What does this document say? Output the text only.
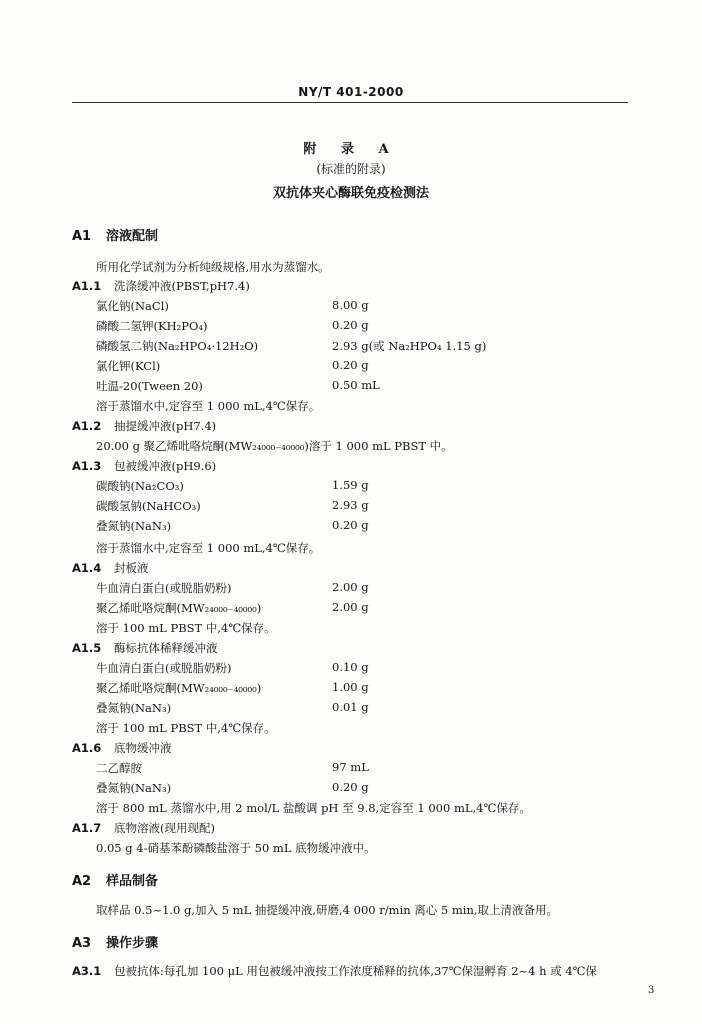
NY/T 401-2000
附 录 A
(标准的附录)
双抗体夹心酶联免疫检测法
A1 溶液配制
所用化学试剂为分析纯级规格,用水为蒸馏水。
A1.1 洗涤缓冲液(PBST,pH7.4)
氯化钠(NaCl)	8.00 g
磷酸二氢钾(KH₂PO₄)	0.20 g
磷酸氢二钠(Na₂HPO₄·12H₂O)	2.93 g(或 Na₂HPO₄ 1.15 g)
氯化钾(KCl)	0.20 g
吐温-20(Tween 20)	0.50 mL
溶于蒸馏水中,定容至 1 000 mL,4℃保存。
A1.2 抽提缓冲液(pH7.4)
20.00 g 聚乙烯吡咯烷酮(MW₂₄₀₀₀₋₄₀₀₀₀)溶于 1 000 mL PBST 中。
A1.3 包被缓冲液(pH9.6)
碳酸钠(Na₂CO₃)	1.59 g
碳酸氢钠(NaHCO₃)	2.93 g
叠氮钠(NaN₃)	0.20 g
溶于蒸馏水中,定容至 1 000 mL,4℃保存。
A1.4 封板液
牛血清白蛋白(或脱脂奶粉)	2.00 g
聚乙烯吡咯烷酮(MW₂₄₀₀₀₋₄₀₀₀₀)	2.00 g
溶于 100 mL PBST 中,4℃保存。
A1.5 酶标抗体稀释缓冲液
牛血清白蛋白(或脱脂奶粉)	0.10 g
聚乙烯吡咯烷酮(MW₂₄₀₀₀₋₄₀₀₀₀)	1.00 g
叠氮钠(NaN₃)	0.01 g
溶于 100 mL PBST 中,4℃保存。
A1.6 底物缓冲液
二乙醇胺	97 mL
叠氮钠(NaN₃)	0.20 g
溶于 800 mL 蒸馏水中,用 2 mol/L 盐酸调 pH 至 9.8,定容至 1 000 mL,4℃保存。
A1.7 底物溶液(现用现配)
0.05 g 4-硝基苯酚磷酸盐溶于 50 mL 底物缓冲液中。
A2 样品制备
取样品 0.5~1.0 g,加入 5 mL 抽提缓冲液,研磨,4 000 r/min 离心 5 min,取上清液备用。
A3 操作步骤
A3.1 包被抗体:每孔加 100 μL 用包被缓冲液按工作浓度稀释的抗体,37℃保湿孵育 2~4 h 或 4℃保
3
